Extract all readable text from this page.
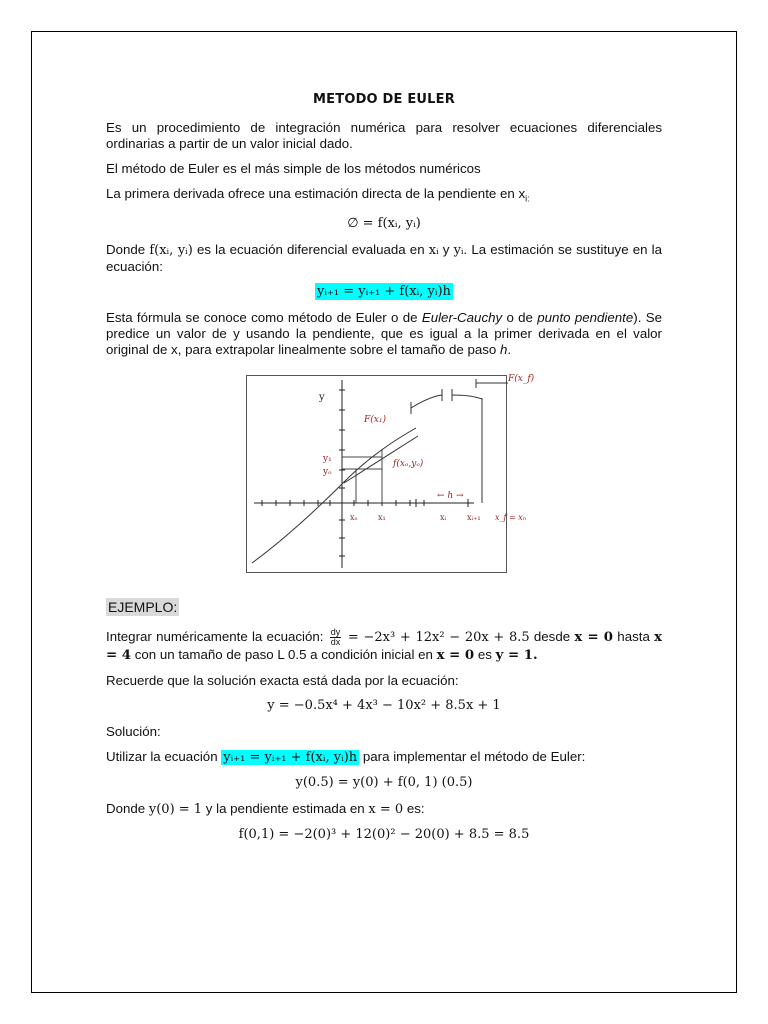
METODO DE EULER

Es un procedimiento de integración numérica para resolver ecuaciones diferenciales ordinarias a partir de un valor inicial dado.

El método de Euler es el más simple de los métodos numéricos

La primera derivada ofrece una estimación directa de la pendiente en $x_{i:}$

∅ = f(xᵢ, yᵢ)

Donde f(xᵢ, yᵢ) es la ecuación diferencial evaluada en xᵢ y yᵢ. La estimación se sustituye en la ecuación:

yᵢ₊₁ = yᵢ₊₁ + f(xᵢ, yᵢ)h

Esta fórmula se conoce como método de Euler o de Euler-Cauchy o de punto pendiente). Se predice un valor de y usando la pendiente, que es igual a la primer derivada en el valor original de x, para extrapolar linealmente sobre el tamaño de paso h.

y
F(x₁)
y₁
yₒ
f(xₒ,yₒ)
xₒ	x₁
← h →
xᵢ	xᵢ₊₁ x_f = xₙ
F(x_f)
EJEMPLO:

Integrar numéricamente la ecuación: $\frac{dy}{dx} = -2x^3 + 12x^2 - 20x + 8.5$ desde x = 0 hasta x = 4 con un tamaño de paso L 0.5 a condición inicial en x = 0 es y = 1.

Recuerde que la solución exacta está dada por la ecuación:

y = −0.5x⁴ + 4x³ − 10x² + 8.5x + 1

Solución:

Utilizar la ecuación yᵢ₊₁ = yᵢ₊₁ + f(xᵢ, yᵢ)h para implementar el método de Euler:

y(0.5) = y(0) + f(0, 1) (0.5)

Donde y(0) = 1 y la pendiente estimada en x = 0 es:

f(0,1) = −2(0)³ + 12(0)² − 20(0) + 8.5 = 8.5
